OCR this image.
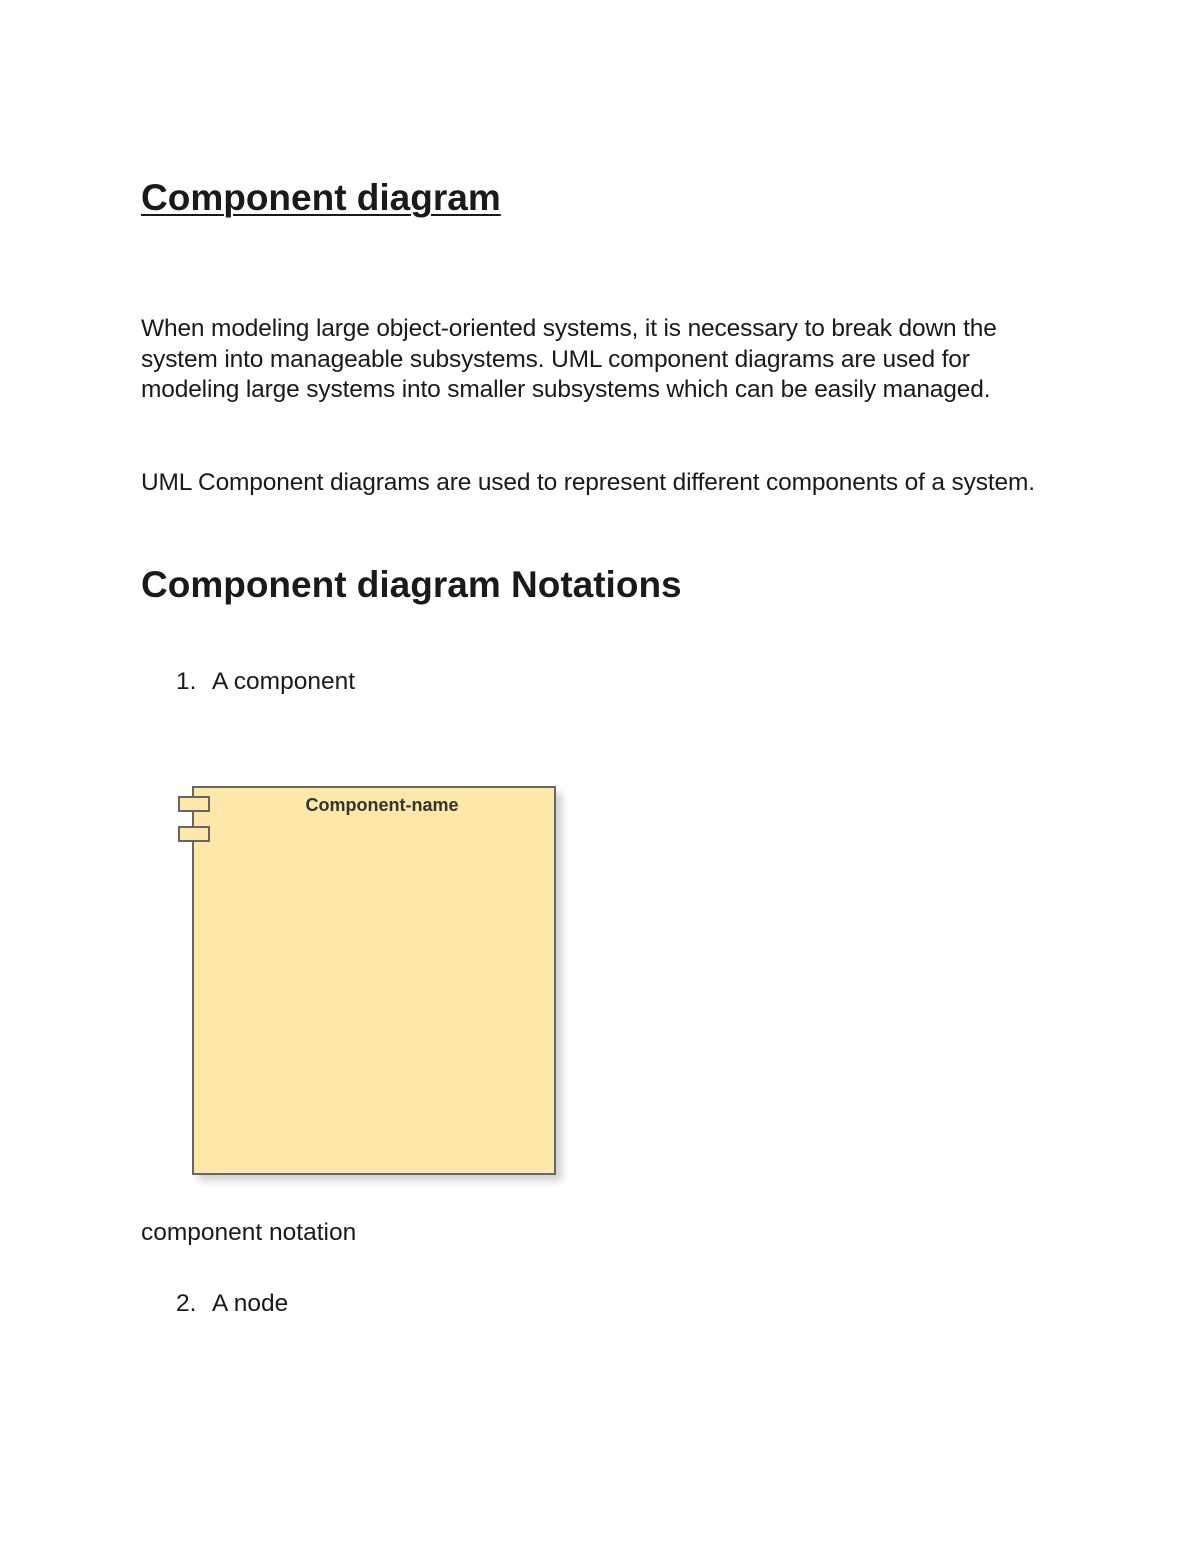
Component diagram

When modeling large object-oriented systems, it is necessary to break down the system into manageable subsystems. UML component diagrams are used for modeling large systems into smaller subsystems which can be easily managed.

UML Component diagrams are used to represent different components of a system.

Component diagram Notations

1. A component

Component-name

component notation

2. A node
